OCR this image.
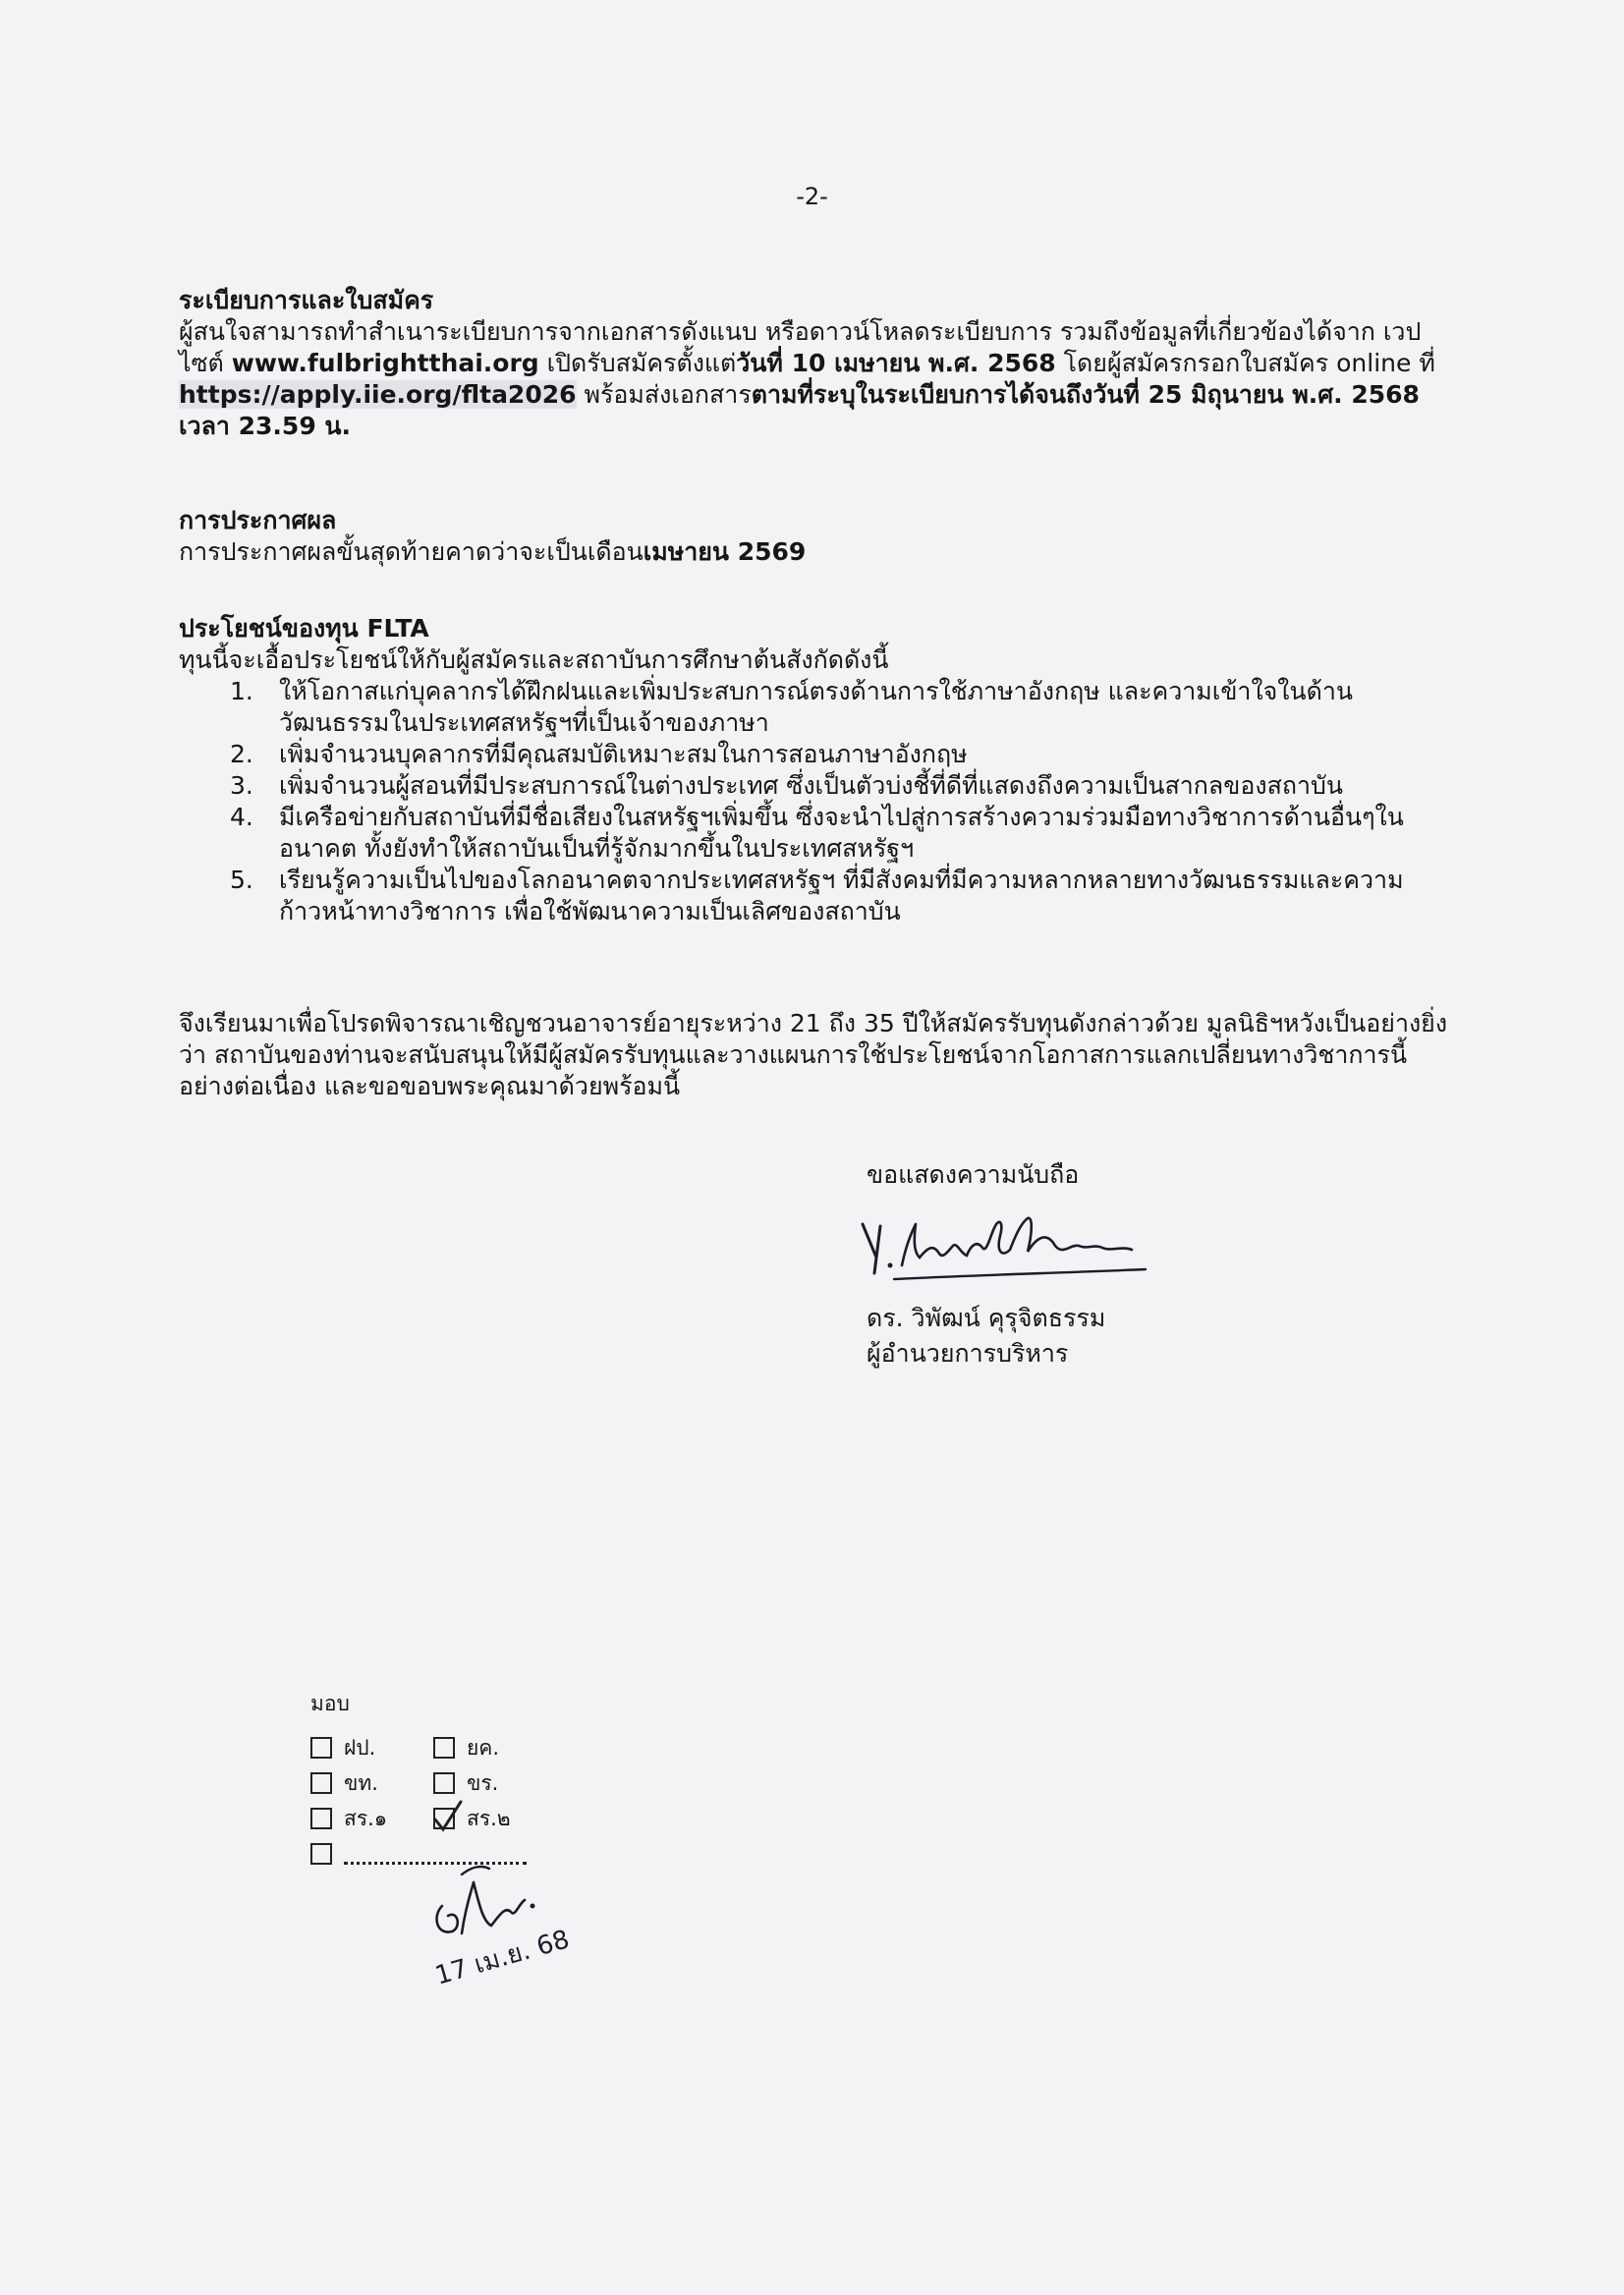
-2-
ระเบียบการและใบสมัคร

ผู้สนใจสามารถทำสำเนาระเบียบการจากเอกสารดังแนบ หรือดาวน์โหลดระเบียบการ รวมถึงข้อมูลที่เกี่ยวข้องได้จาก เวปไซต์ www.fulbrightthai.org เปิดรับสมัครตั้งแต่วันที่ 10 เมษายน พ.ศ. 2568 โดยผู้สมัครกรอกใบสมัคร online ที่ https://apply.iie.org/flta2026 พร้อมส่งเอกสารตามที่ระบุในระเบียบการได้จนถึงวันที่ 25 มิถุนายน พ.ศ. 2568 เวลา 23.59 น.

การประกาศผล

การประกาศผลขั้นสุดท้ายคาดว่าจะเป็นเดือนเมษายน 2569

ประโยชน์ของทุน FLTA

ทุนนี้จะเอื้อประโยชน์ให้กับผู้สมัครและสถาบันการศึกษาต้นสังกัดดังนี้

1. ให้โอกาสแก่บุคลากรได้ฝึกฝนและเพิ่มประสบการณ์ตรงด้านการใช้ภาษาอังกฤษ และความเข้าใจในด้านวัฒนธรรมในประเทศสหรัฐฯที่เป็นเจ้าของภาษา
2. เพิ่มจำนวนบุคลากรที่มีคุณสมบัติเหมาะสมในการสอนภาษาอังกฤษ
3. เพิ่มจำนวนผู้สอนที่มีประสบการณ์ในต่างประเทศ ซึ่งเป็นตัวบ่งชี้ที่ดีที่แสดงถึงความเป็นสากลของสถาบัน
4. มีเครือข่ายกับสถาบันที่มีชื่อเสียงในสหรัฐฯเพิ่มขึ้น ซึ่งจะนำไปสู่การสร้างความร่วมมือทางวิชาการด้านอื่นๆในอนาคต ทั้งยังทำให้สถาบันเป็นที่รู้จักมากขึ้นในประเทศสหรัฐฯ
5. เรียนรู้ความเป็นไปของโลกอนาคตจากประเทศสหรัฐฯ ที่มีสังคมที่มีความหลากหลายทางวัฒนธรรมและความก้าวหน้าทางวิชาการ เพื่อใช้พัฒนาความเป็นเลิศของสถาบัน

จึงเรียนมาเพื่อโปรดพิจารณาเชิญชวนอาจารย์อายุระหว่าง 21 ถึง 35 ปีให้สมัครรับทุนดังกล่าวด้วย มูลนิธิฯหวังเป็นอย่างยิ่งว่า สถาบันของท่านจะสนับสนุนให้มีผู้สมัครรับทุนและวางแผนการใช้ประโยชน์จากโอกาสการแลกเปลี่ยนทางวิชาการนี้ อย่างต่อเนื่อง และขอขอบพระคุณมาด้วยพร้อมนี้

ขอแสดงความนับถือ
Y. Kumchotham
ดร. วิพัฒน์ คุรุจิตธรรม
ผู้อำนวยการบริหาร
มอบ
ฝป.	ยค.
ขท.	ขร.
สร.๑	สร.๒
17 เม.ย. 68
ลัด
